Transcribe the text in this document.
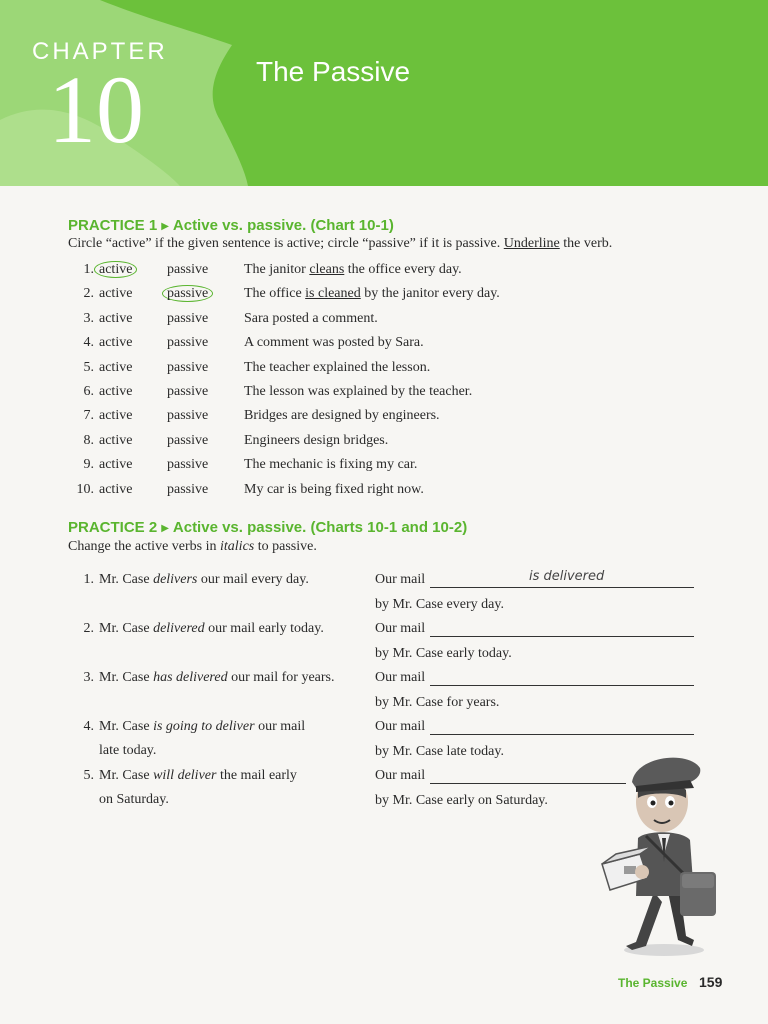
CHAPTER
10	The Passive
PRACTICE 1 ▶ Active vs. passive. (Chart 10-1)
Circle “active” if the given sentence is active; circle “passive” if it is passive. Underline the verb.
1. active	passive	The janitor cleans the office every day.
2. active passive	The office is cleaned by the janitor every day.
3. active passive	Sara posted a comment.
4. active passive	A comment was posted by Sara.
5. active passive	The teacher explained the lesson.
6. active passive	The lesson was explained by the teacher.
7. active passive	Bridges are designed by engineers.
8. active passive	Engineers design bridges.
9. active passive	The mechanic is fixing my car.
10. active passive	My car is being fixed right now.
PRACTICE 2 ▶ Active vs. passive. (Charts 10-1 and 10-2)
Change the active verbs in italics to passive.
1. Mr. Case delivers our mail every day.	Our mail	is delivered
by Mr. Case every day.
2. Mr. Case delivered our mail early today.	Our mail
by Mr. Case early today.
3. Mr. Case has delivered our mail for years.	Our mail
by Mr. Case for years.
4. Mr. Case is going to deliver our mail
late today.
Our mail
by Mr. Case late today.
5. Mr. Case will deliver the mail early
on Saturday.
Our mail
by Mr. Case early on Saturday.
The Passive 159
